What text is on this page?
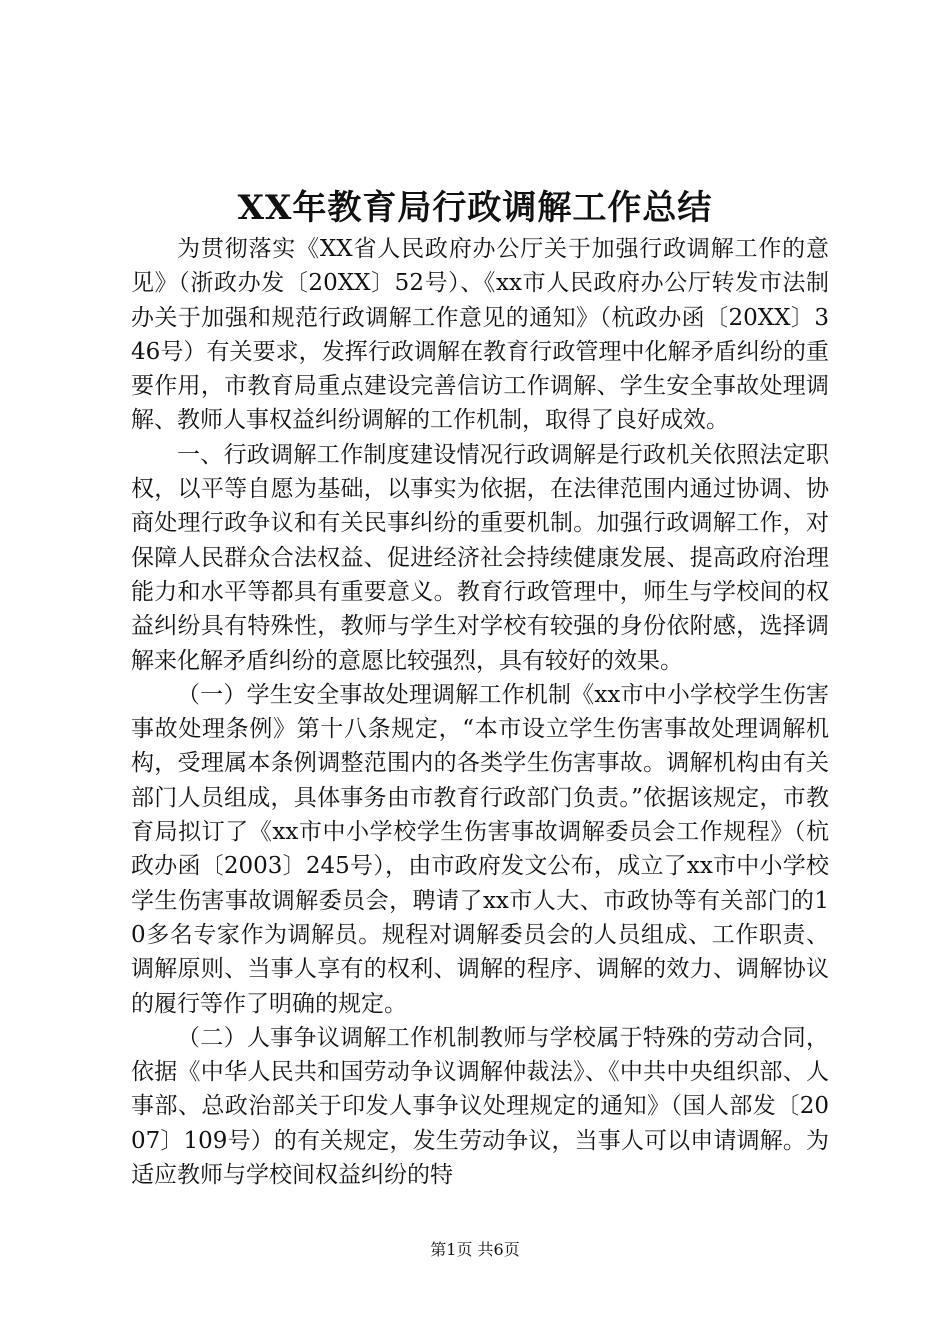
XX年教育局行政调解工作总结

为贯彻落实《XX省人民政府办公厅关于加强行政调解工作的意见》（浙政办发〔20XX〕52号）、《xx市人民政府办公厅转发市法制办关于加强和规范行政调解工作意见的通知》（杭政办函〔20XX〕346号）有关要求，发挥行政调解在教育行政管理中化解矛盾纠纷的重要作用，市教育局重点建设完善信访工作调解、学生安全事故处理调解、教师人事权益纠纷调解的工作机制，取得了良好成效。

一、行政调解工作制度建设情况行政调解是行政机关依照法定职权，以平等自愿为基础，以事实为依据，在法律范围内通过协调、协商处理行政争议和有关民事纠纷的重要机制。加强行政调解工作，对保障人民群众合法权益、促进经济社会持续健康发展、提高政府治理能力和水平等都具有重要意义。教育行政管理中，师生与学校间的权益纠纷具有特殊性，教师与学生对学校有较强的身份依附感，选择调解来化解矛盾纠纷的意愿比较强烈，具有较好的效果。

（一）学生安全事故处理调解工作机制《xx市中小学校学生伤害事故处理条例》第十八条规定，“本市设立学生伤害事故处理调解机构，受理属本条例调整范围内的各类学生伤害事故。调解机构由有关部门人员组成，具体事务由市教育行政部门负责。”依据该规定，市教育局拟订了《xx市中小学校学生伤害事故调解委员会工作规程》（杭政办函〔2003〕245号），由市政府发文公布，成立了xx市中小学校学生伤害事故调解委员会，聘请了xx市人大、市政协等有关部门的10多名专家作为调解员。规程对调解委员会的人员组成、工作职责、调解原则、当事人享有的权利、调解的程序、调解的效力、调解协议的履行等作了明确的规定。

（二）人事争议调解工作机制教师与学校属于特殊的劳动合同，依据《中华人民共和国劳动争议调解仲裁法》、《中共中央组织部、人事部、总政治部关于印发人事争议处理规定的通知》（国人部发〔2007〕109号）的有关规定，发生劳动争议，当事人可以申请调解。为适应教师与学校间权益纠纷的特

第1页 共6页
